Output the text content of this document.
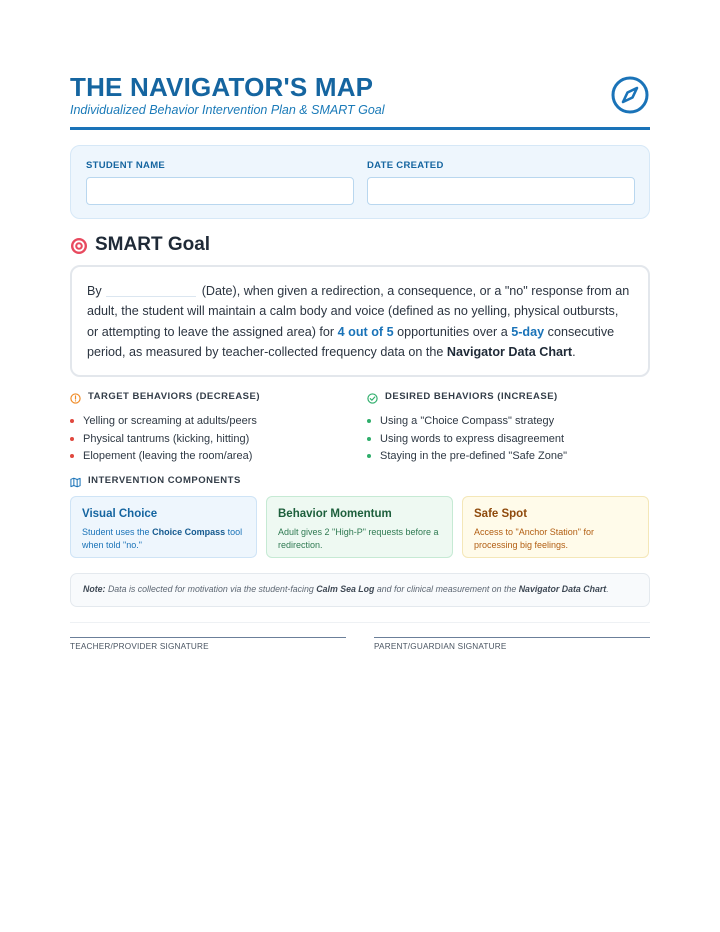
THE NAVIGATOR'S MAP
Individualized Behavior Intervention Plan & SMART Goal
STUDENT NAME	DATE CREATED
SMART Goal
By	(Date), when given a redirection, a consequence, or a "no" response from an adult, the student will maintain a calm body and voice (defined as no yelling, physical outbursts, or attempting to leave the assigned area) for 4 out of 5 opportunities over a 5-day consecutive period, as measured by teacher-collected frequency data on the Navigator Data Chart.
TARGET BEHAVIORS (DECREASE)
Yelling or screaming at adults/peers
Physical tantrums (kicking, hitting)
Elopement (leaving the room/area)
DESIRED BEHAVIORS (INCREASE)
Using a "Choice Compass" strategy
Using words to express disagreement
Staying in the pre-defined "Safe Zone"
INTERVENTION COMPONENTS
Visual Choice
Student uses the Choice Compass tool when told "no."
Behavior Momentum
Adult gives 2 "High-P" requests before a redirection.
Safe Spot
Access to "Anchor Station" for processing big feelings.
Note: Data is collected for motivation via the student-facing Calm Sea Log and for clinical measurement on the Navigator Data Chart.
TEACHER/PROVIDER SIGNATURE	PARENT/GUARDIAN SIGNATURE
